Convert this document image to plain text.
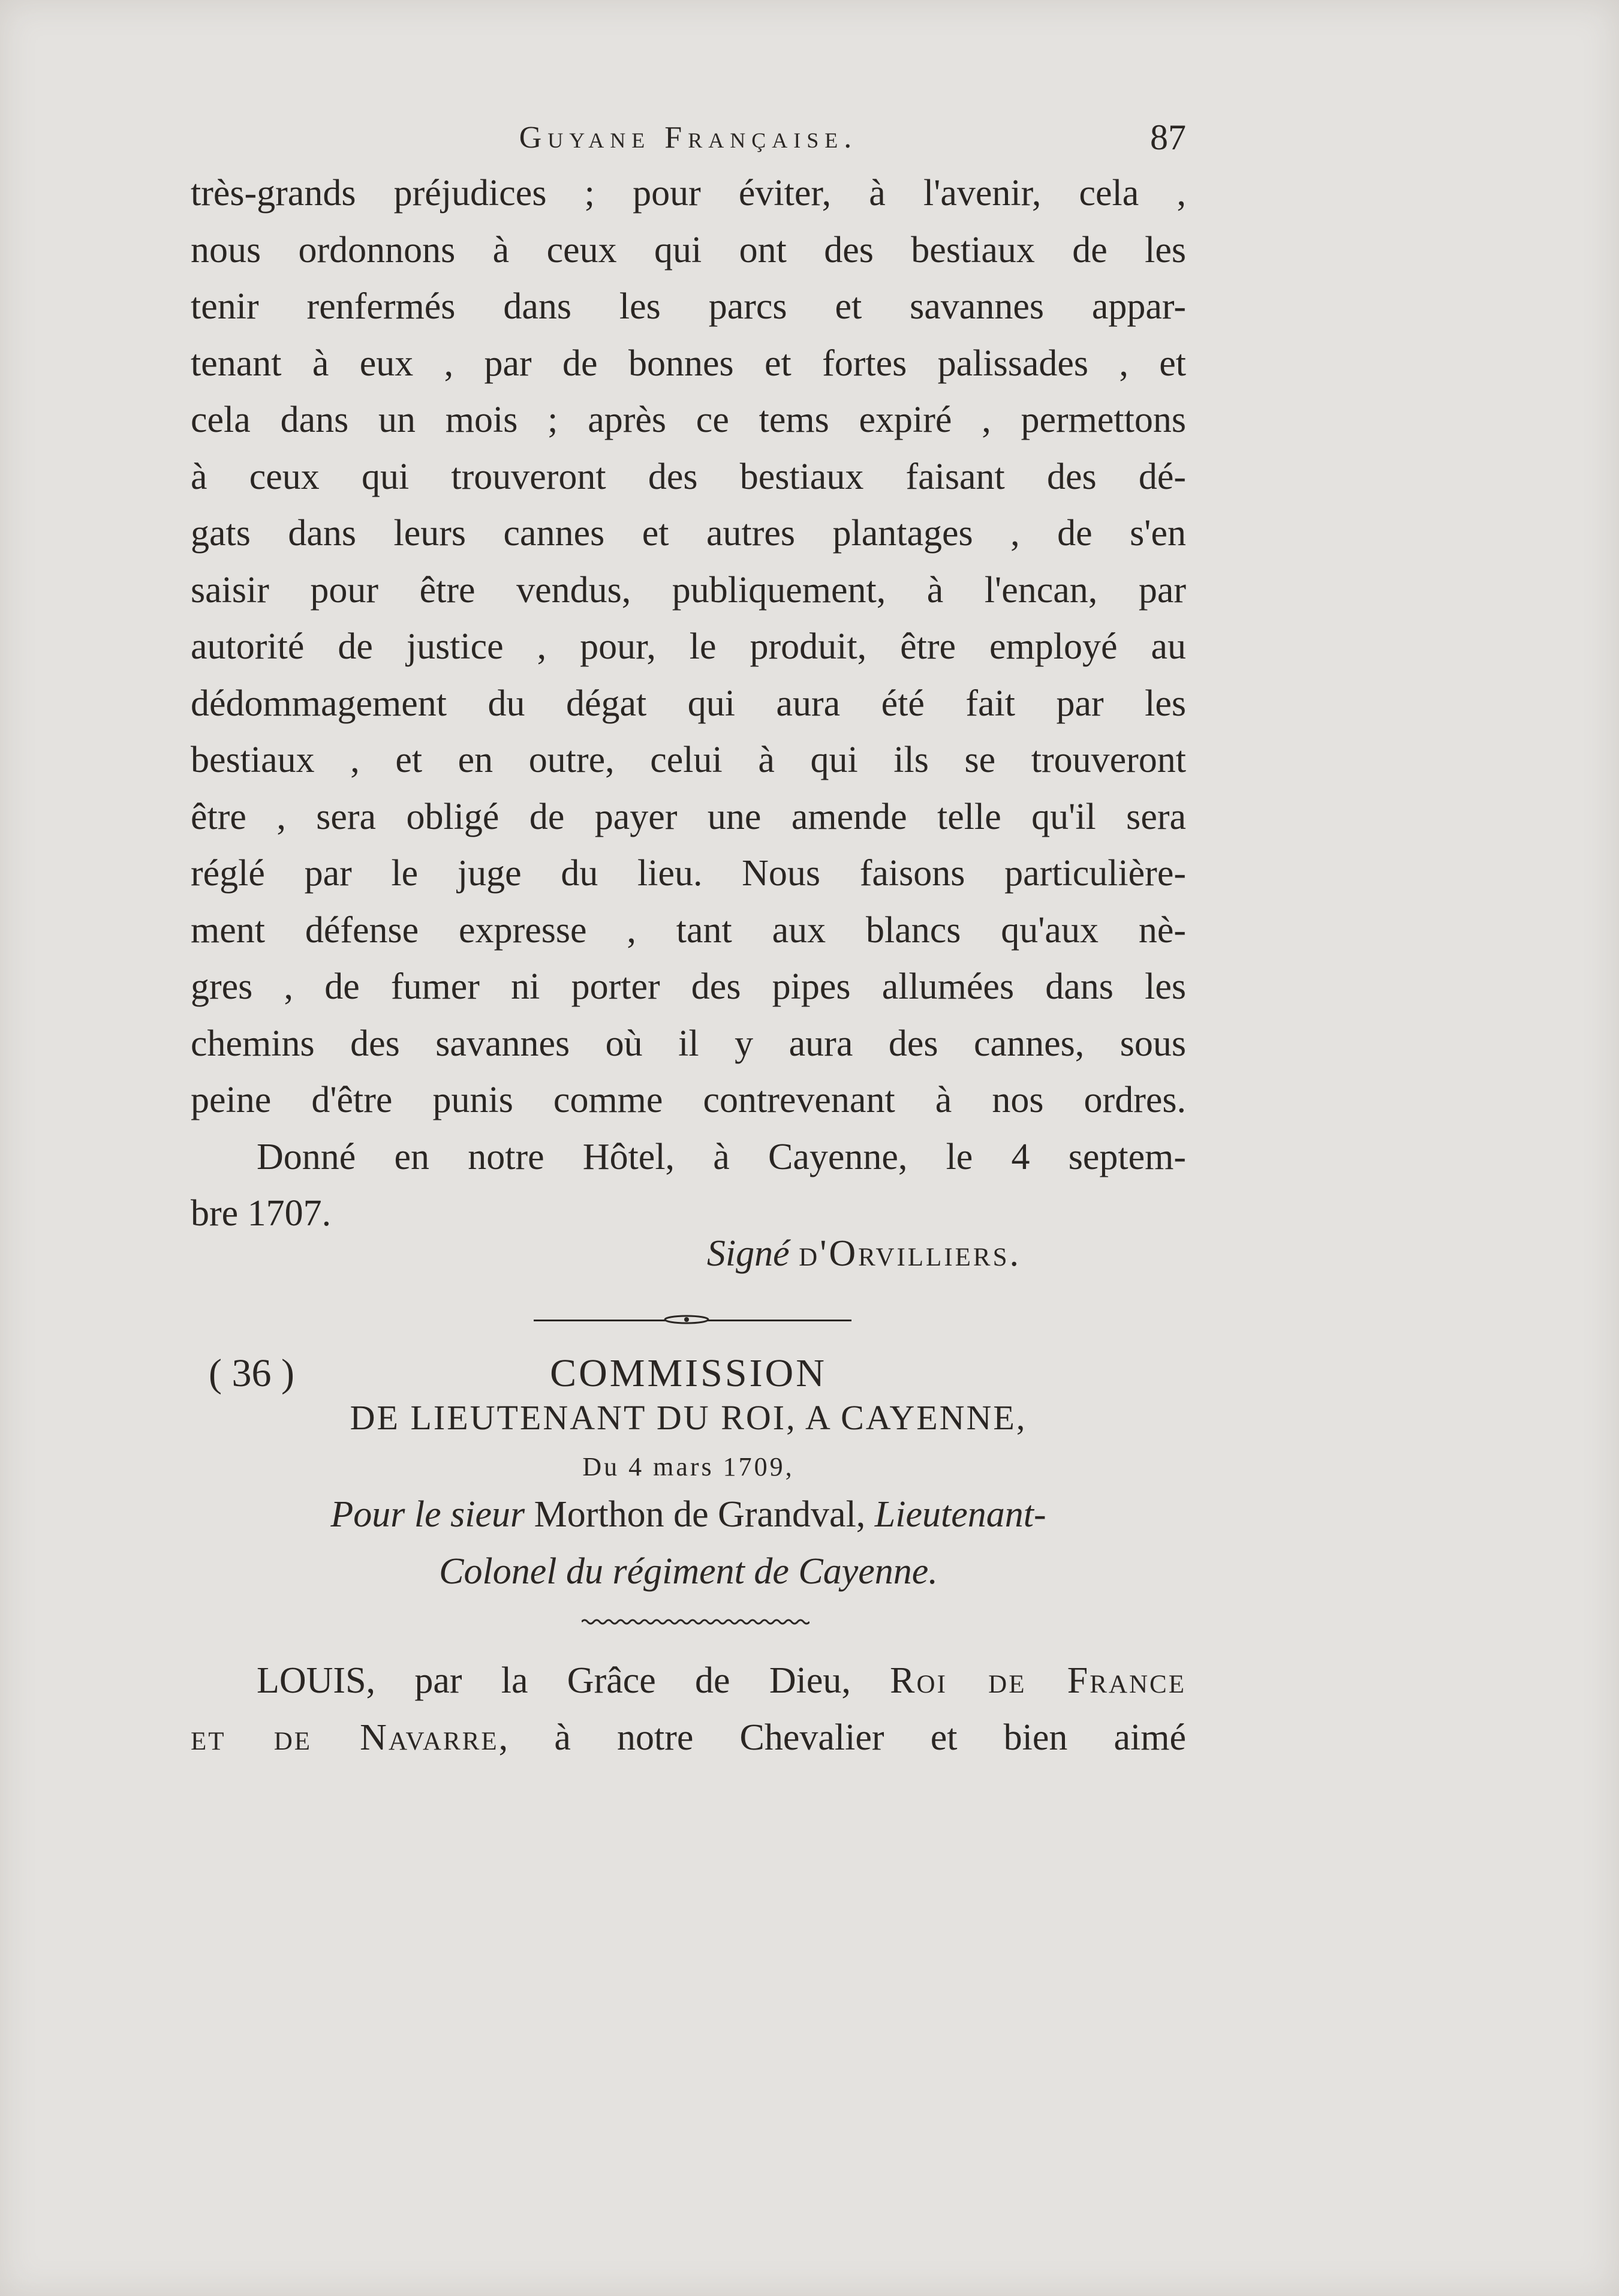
Guyane Française.	87
très-grands préjudices ; pour éviter, à l'avenir, cela ,
nous ordonnons à ceux qui ont des bestiaux de les
tenir renfermés dans les parcs et savannes appar-
tenant à eux , par de bonnes et fortes palissades , et
cela dans un mois ; après ce tems expiré , permettons
à ceux qui trouveront des bestiaux faisant des dé-
gats dans leurs cannes et autres plantages , de s'en
saisir pour être vendus, publiquement, à l'encan, par
autorité de justice , pour, le produit, être employé au
dédommagement du dégat qui aura été fait par les
bestiaux , et en outre, celui à qui ils se trouveront
être , sera obligé de payer une amende telle qu'il sera
réglé par le juge du lieu. Nous faisons particulière-
ment défense expresse , tant aux blancs qu'aux nè-
gres , de fumer ni porter des pipes allumées dans les
chemins des savannes où il y aura des cannes, sous
peine d'être punis comme contrevenant à nos ordres.
Donné en notre Hôtel, à Cayenne, le 4 septem-
bre 1707.
Signé d'Orvilliers.
( 36 )	COMMISSION
DE LIEUTENANT DU ROI, A CAYENNE,
Du 4 mars 1709,
Pour le sieur Morthon de Grandval, Lieutenant-
Colonel du régiment de Cayenne.
LOUIS, par la Grâce de Dieu, Roi de France
et de Navarre, à notre Chevalier et bien aimé
